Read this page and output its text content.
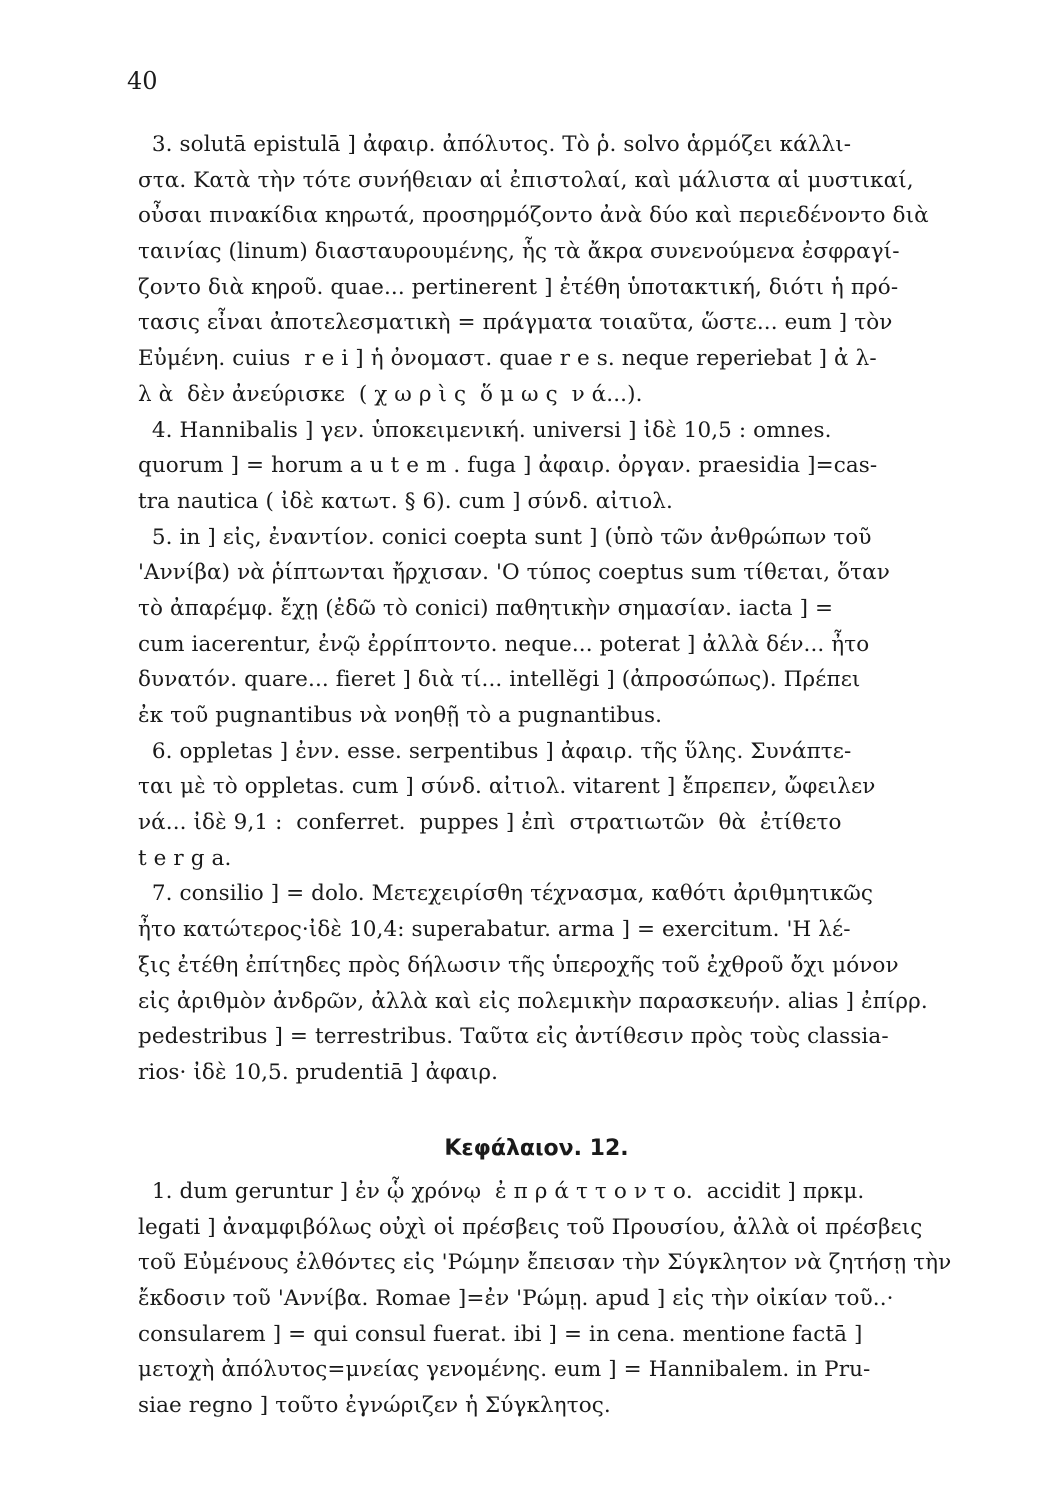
40
3. solutā epistulā ] ἀφαιρ. ἀπόλυτος. Τὸ ῥ. solvo ἁρμόζει κάλλι-
στα. Κατὰ τὴν τότε συνήθειαν αἱ ἐπιστολαί, καὶ μάλιστα αἱ μυστικαί,
οὖσαι πινακίδια κηρωτά, προσηρμόζοντο ἀνὰ δύο καὶ περιεδένοντο διὰ
ταινίας (linum) διασταυρουμένης, ἧς τὰ ἄκρα συνενούμενα ἐσφραγί-
ζοντο διὰ κηροῦ. quae... pertinerent ] ἐτέθη ὑποτακτική, διότι ἡ πρό-
τασις εἶναι ἀποτελεσματικὴ = πράγματα τοιαῦτα, ὥστε... eum ] τὸν
Εὐμένη. cuius  r e i ] ἡ ὀνομαστ. quae r e s. neque reperiebat ] ἀ λ-
λ ὰ  δὲν ἀνεύρισκε  ( χ ω ρ ὶ ς  ὅ μ ω ς  ν ά...).
4. Hannibalis ] γεν. ὑποκειμενική. universi ] ἰδὲ 10,5 : omnes.
quorum ] = horum a u t e m . fuga ] ἀφαιρ. ὀργαν. praesidia ]=cas-
tra nautica ( ἰδὲ κατωτ. § 6). cum ] σύνδ. αἰτιολ.
5. in ] εἰς, ἐναντίον. conici coepta sunt ] (ὑπὸ τῶν ἀνθρώπων τοῦ
'Αννίβα) νὰ ῥίπτωνται ἤρχισαν. 'Ο τύπος coeptus sum τίθεται, ὅταν
τὸ ἀπαρέμφ. ἔχῃ (ἐδῶ τὸ conici) παθητικὴν σημασίαν. iacta ] =
cum iacerentur, ἐνῷ ἐρρίπτοντο. neque... poterat ] ἀλλὰ δέν... ἦτο
δυνατόν. quare... fieret ] διὰ τί... intellĕgi ] (ἀπροσώπως). Πρέπει
ἐκ τοῦ pugnantibus νὰ νοηθῇ τὸ a pugnantibus.
6. oppletas ] ἐνν. esse. serpentibus ] ἀφαιρ. τῆς ὕλης. Συνάπτε-
ται μὲ τὸ oppletas. cum ] σύνδ. αἰτιολ. vitarent ] ἔπρεπεν, ὤφειλεν
νά... ἰδὲ 9,1 :  conferret.  puppes ] ἐπὶ  στρατιωτῶν  θὰ  ἐτίθετο
t e r g a.
7. consilio ] = dolo. Μετεχειρίσθη τέχνασμα, καθότι ἀριθμητικῶς
ἦτο κατώτερος·ἰδὲ 10,4: superabatur. arma ] = exercitum. 'Η λέ-
ξις ἐτέθη ἐπίτηδες πρὸς δήλωσιν τῆς ὑπεροχῆς τοῦ ἐχθροῦ ὄχι μόνον
εἰς ἀριθμὸν ἀνδρῶν, ἀλλὰ καὶ εἰς πολεμικὴν παρασκευήν. alias ] ἐπίρρ.
pedestribus ] = terrestribus. Ταῦτα εἰς ἀντίθεσιν πρὸς τοὺς classia-
rios· ἰδὲ 10,5. prudentiā ] ἀφαιρ.
Κεφάλαιον. 12.
1. dum geruntur ] ἐν ᾧ χρόνῳ  ἐ π ρ ά τ τ ο ν τ ο.  accidit ] πρκμ.
legati ] ἀναμφιβόλως οὐχὶ οἱ πρέσβεις τοῦ Προυσίου, ἀλλὰ οἱ πρέσβεις
τοῦ Εὐμένους ἐλθόντες εἰς 'Ρώμην ἔπεισαν τὴν Σύγκλητον νὰ ζητήσῃ τὴν
ἔκδοσιν τοῦ 'Αννίβα. Romae ]=ἐν 'Ρώμῃ. apud ] εἰς τὴν οἰκίαν τοῦ..·
consularem ] = qui consul fuerat. ibi ] = in cena. mentione factā ]
μετοχὴ ἀπόλυτος=μνείας γενομένης. eum ] = Hannibalem. in Pru-
siae regno ] τοῦτο ἐγνώριζεν ἡ Σύγκλητος.
